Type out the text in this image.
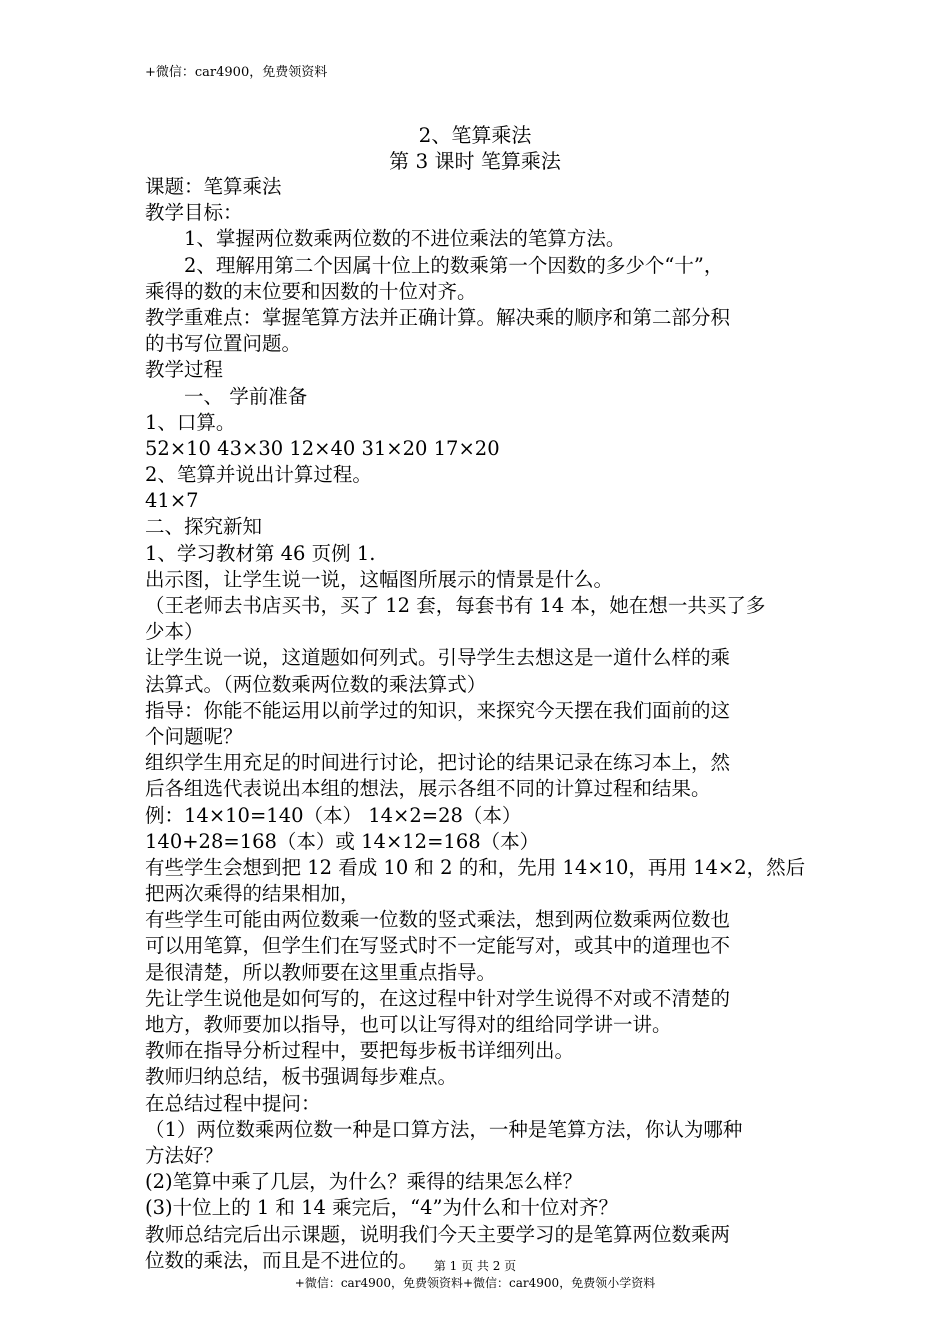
+微信：car4900，免费领资料
2、笔算乘法
第 3 课时 笔算乘法
课题：笔算乘法
教学目标：
1、掌握两位数乘两位数的不进位乘法的笔算方法。
2、理解用第二个因属十位上的数乘第一个因数的多少个“十”，
乘得的数的末位要和因数的十位对齐。
教学重难点：掌握笔算方法并正确计算。解决乘的顺序和第二部分积
的书写位置问题。
教学过程
一、 学前准备
1、口算。
52×10 43×30 12×40 31×20 17×20
2、笔算并说出计算过程。
41×7
二、探究新知
1、学习教材第 46 页例 1.
出示图，让学生说一说，这幅图所展示的情景是什么。
（王老师去书店买书，买了 12 套，每套书有 14 本，她在想一共买了多
少本）
让学生说一说，这道题如何列式。引导学生去想这是一道什么样的乘
法算式。（两位数乘两位数的乘法算式）
指导：你能不能运用以前学过的知识，来探究今天摆在我们面前的这
个问题呢？
组织学生用充足的时间进行讨论，把讨论的结果记录在练习本上，然
后各组选代表说出本组的想法，展示各组不同的计算过程和结果。
例：14×10=140（本） 14×2=28（本）
140+28=168（本）或 14×12=168（本）
有些学生会想到把 12 看成 10 和 2 的和，先用 14×10，再用 14×2，然后
把两次乘得的结果相加，
有些学生可能由两位数乘一位数的竖式乘法，想到两位数乘两位数也
可以用笔算，但学生们在写竖式时不一定能写对，或其中的道理也不
是很清楚，所以教师要在这里重点指导。
先让学生说他是如何写的，在这过程中针对学生说得不对或不清楚的
地方，教师要加以指导，也可以让写得对的组给同学讲一讲。
教师在指导分析过程中，要把每步板书详细列出。
教师归纳总结，板书强调每步难点。
在总结过程中提问：
（1）两位数乘两位数一种是口算方法，一种是笔算方法，你认为哪种
方法好？
(2)笔算中乘了几层，为什么？乘得的结果怎么样？
(3)十位上的 1 和 14 乘完后，“4”为什么和十位对齐？
教师总结完后出示课题，说明我们今天主要学习的是笔算两位数乘两
位数的乘法，而且是不进位的。	第 1 页 共 2 页
+微信：car4900，免费领资料+微信：car4900，免费领小学资料
